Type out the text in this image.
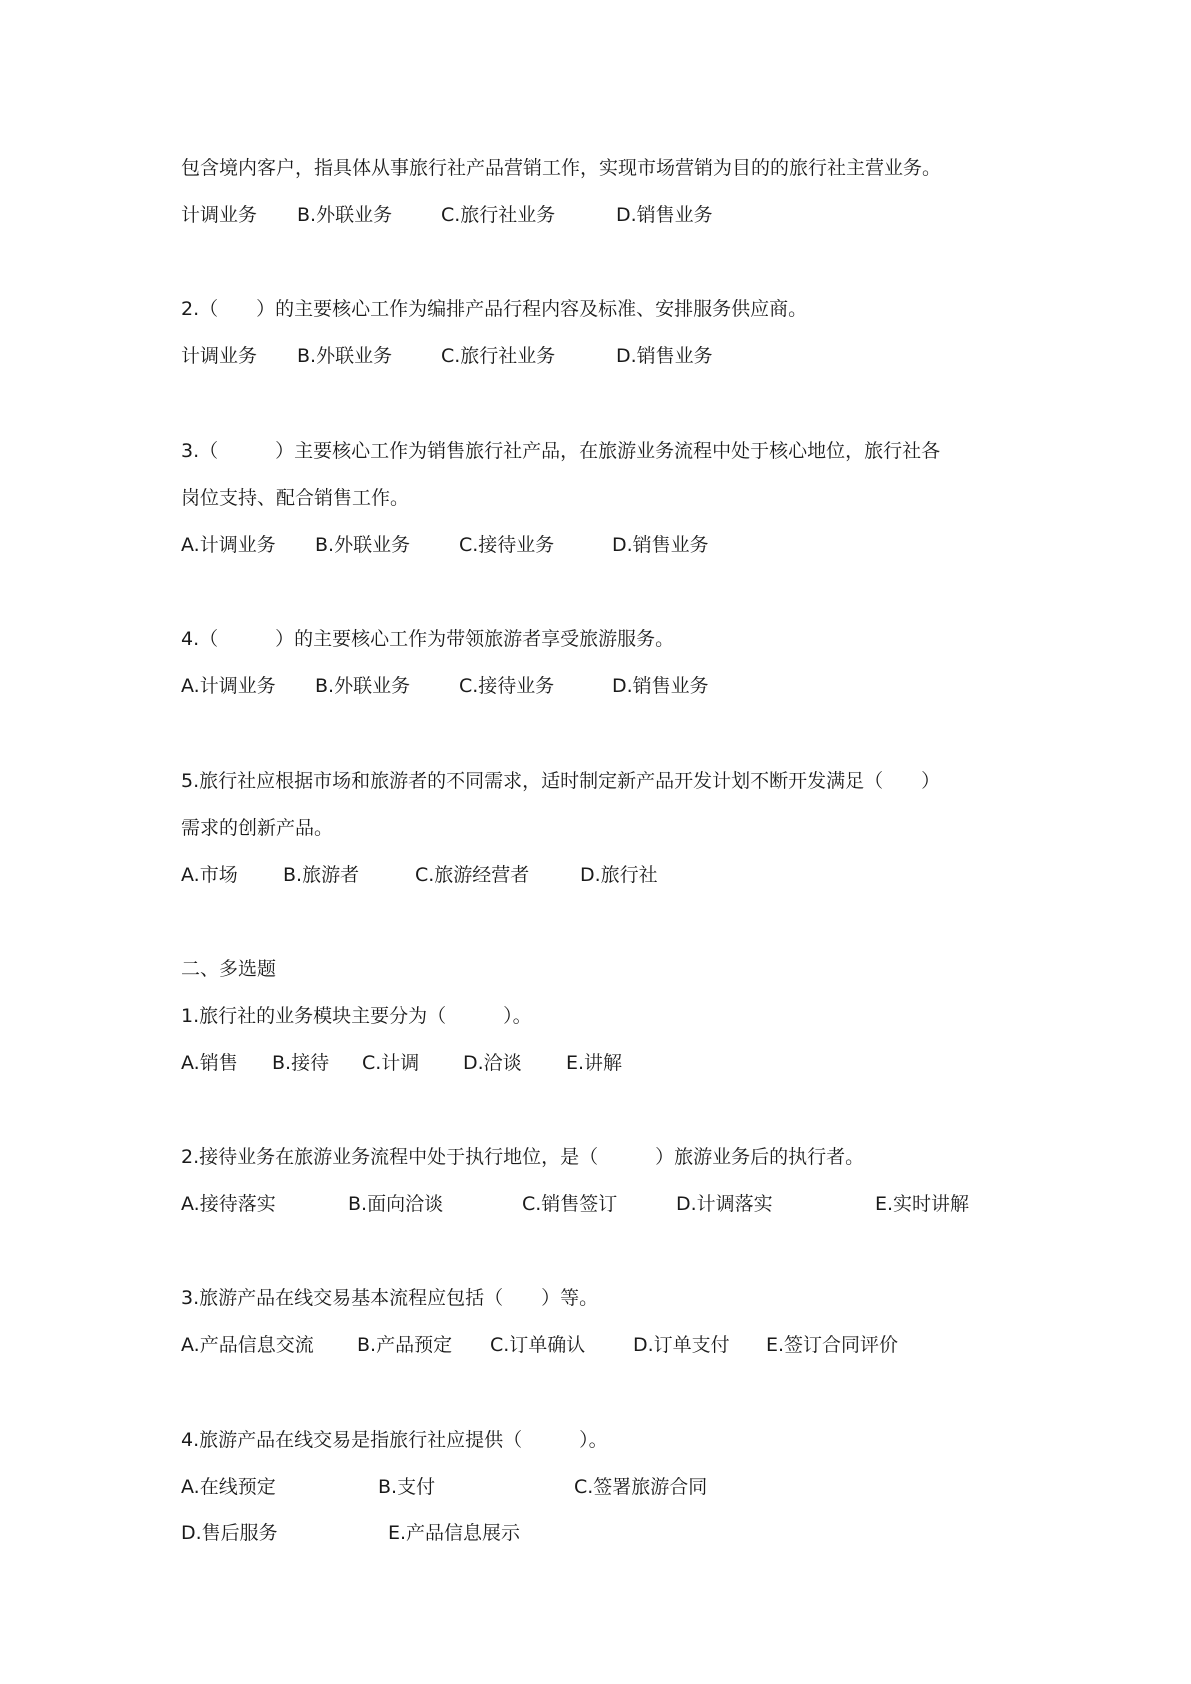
包含境内客户，指具体从事旅行社产品营销工作，实现市场营销为目的的旅行社主营业务。
计调业务 B.外联业务	C.旅行社业务	D.销售业务
2.（　　）的主要核心工作为编排产品行程内容及标准、安排服务供应商。
计调业务 B.外联业务	C.旅行社业务	D.销售业务
3.（　　　）主要核心工作为销售旅行社产品，在旅游业务流程中处于核心地位，旅行社各
岗位支持、配合销售工作。
A.计调业务 B.外联业务	C.接待业务	D.销售业务
4.（　　　）的主要核心工作为带领旅游者享受旅游服务。
A.计调业务 B.外联业务	C.接待业务	D.销售业务
5.旅行社应根据市场和旅游者的不同需求，适时制定新产品开发计划不断开发满足（　　）
需求的创新产品。
A.市场 B.旅游者	C.旅游经营者	D.旅行社
二、多选题
1.旅行社的业务模块主要分为（　　　）。
A.销售 B.接待 C.计调 D.洽谈 E.讲解
2.接待业务在旅游业务流程中处于执行地位，是（　　　）旅游业务后的执行者。
A.接待落实	B.面向洽谈	C.销售签订	D.计调落实	E.实时讲解
3.旅游产品在线交易基本流程应包括（　　）等。
A.产品信息交流 B.产品预定 C.订单确认	D.订单支付 E.签订合同评价
4.旅游产品在线交易是指旅行社应提供（　　　）。
A.在线预定	B.支付	C.签署旅游合同
D.售后服务	E.产品信息展示
